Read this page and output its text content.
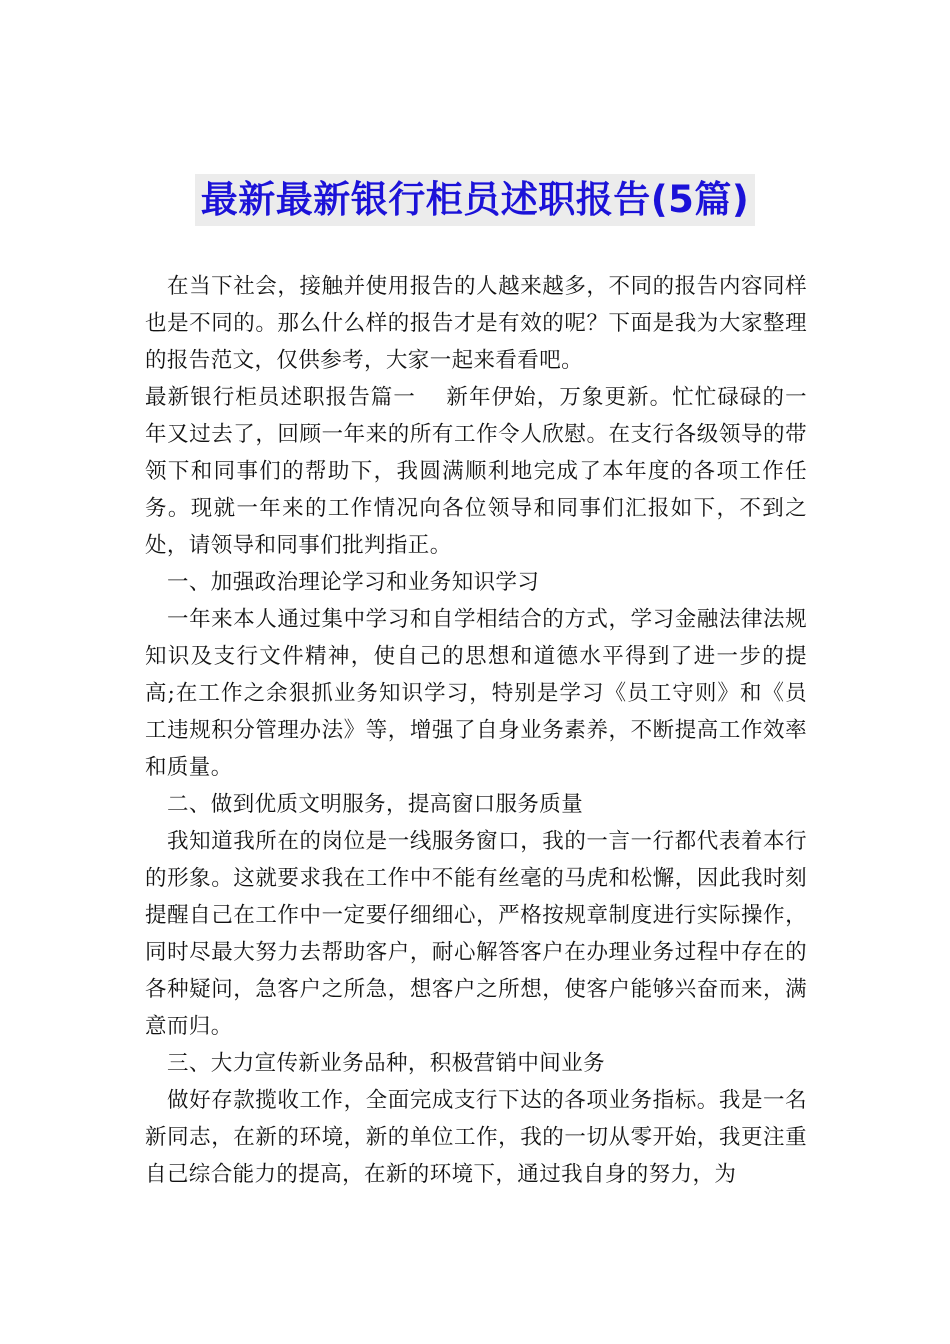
最新最新银行柜员述职报告(5篇)

在当下社会，接触并使用报告的人越来越多，不同的报告内容同样也是不同的。那么什么样的报告才是有效的呢？下面是我为大家整理的报告范文，仅供参考，大家一起来看看吧。

最新银行柜员述职报告篇一　 新年伊始，万象更新。忙忙碌碌的一年又过去了，回顾一年来的所有工作令人欣慰。在支行各级领导的带领下和同事们的帮助下，我圆满顺利地完成了本年度的各项工作任务。现就一年来的工作情况向各位领导和同事们汇报如下，不到之处，请领导和同事们批判指正。

一、加强政治理论学习和业务知识学习

一年来本人通过集中学习和自学相结合的方式，学习金融法律法规知识及支行文件精神，使自己的思想和道德水平得到了进一步的提高;在工作之余狠抓业务知识学习，特别是学习《员工守则》和《员工违规积分管理办法》等，增强了自身业务素养，不断提高工作效率和质量。

二、做到优质文明服务，提高窗口服务质量

我知道我所在的岗位是一线服务窗口，我的一言一行都代表着本行的形象。这就要求我在工作中不能有丝毫的马虎和松懈，因此我时刻提醒自己在工作中一定要仔细细心，严格按规章制度进行实际操作，同时尽最大努力去帮助客户，耐心解答客户在办理业务过程中存在的各种疑问，急客户之所急，想客户之所想，使客户能够兴奋而来，满意而归。

三、大力宣传新业务品种，积极营销中间业务

做好存款揽收工作，全面完成支行下达的各项业务指标。我是一名新同志，在新的环境，新的单位工作，我的一切从零开始，我更注重自己综合能力的提高，在新的环境下，通过我自身的努力，为
